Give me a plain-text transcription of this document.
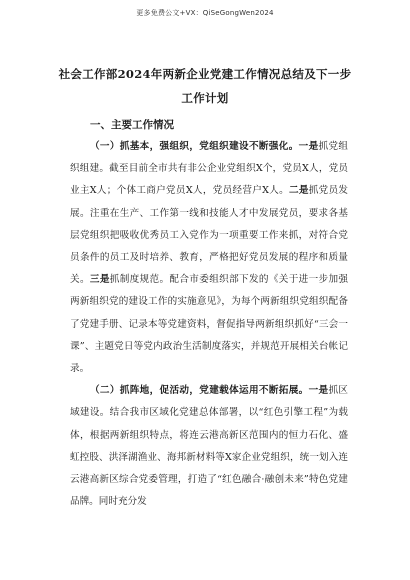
更多免费公文+VX：QiSeGongWen2024
社会工作部2024年两新企业党建工作情况总结及下一步工作计划
一、主要工作情况

（一）抓基本，强组织，党组织建设不断强化。一是抓党组织组建。截至目前全市共有非公企业党组织X个，党员X人，党员业主X人；个体工商户党员X人，党员经营户X人。二是抓党员发展。注重在生产、工作第一线和技能人才中发展党员，要求各基层党组织把吸收优秀员工入党作为一项重要工作来抓，对符合党员条件的员工及时培养、教育，严格把好党员发展的程序和质量关。三是抓制度规范。配合市委组织部下发的《关于进一步加强两新组织党的建设工作的实施意见》，为每个两新组织党组织配备了党建手册、记录本等党建资料，督促指导两新组织抓好“三会一课”、主题党日等党内政治生活制度落实，并规范开展相关台帐记录。

（二）抓阵地，促活动，党建载体运用不断拓展。一是抓区域建设。结合我市区域化党建总体部署，以“红色引擎工程”为载体，根据两新组织特点，将连云港高新区范围内的恒力石化、盛虹控股、洪泽湖渔业、海邦新材料等X家企业党组织，统一划入连云港高新区综合党委管理，打造了“红色融合·融创未来”特色党建品牌。同时充分发
